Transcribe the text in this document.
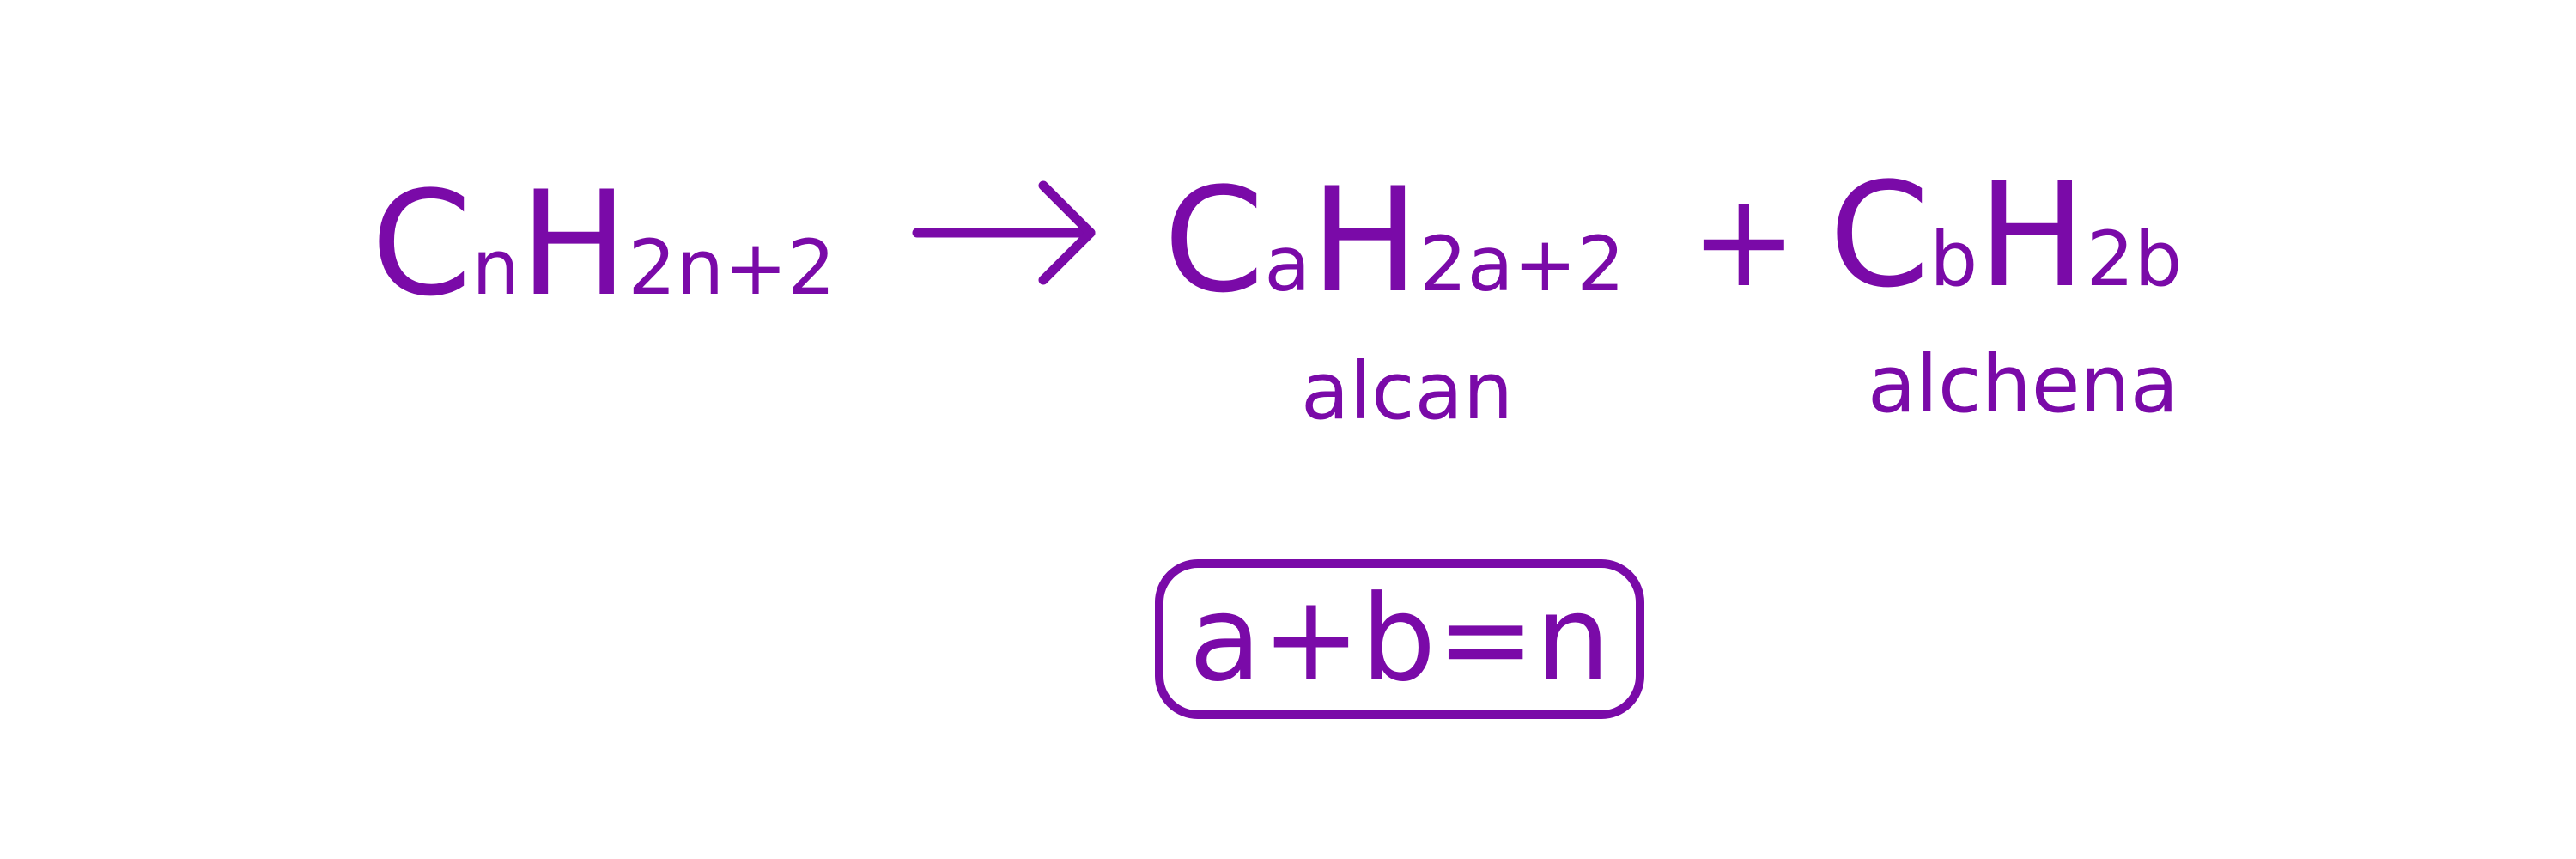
CnH2n+2 CaH2a+2
alcan
+ CbH2b
alchena
a+b=n
